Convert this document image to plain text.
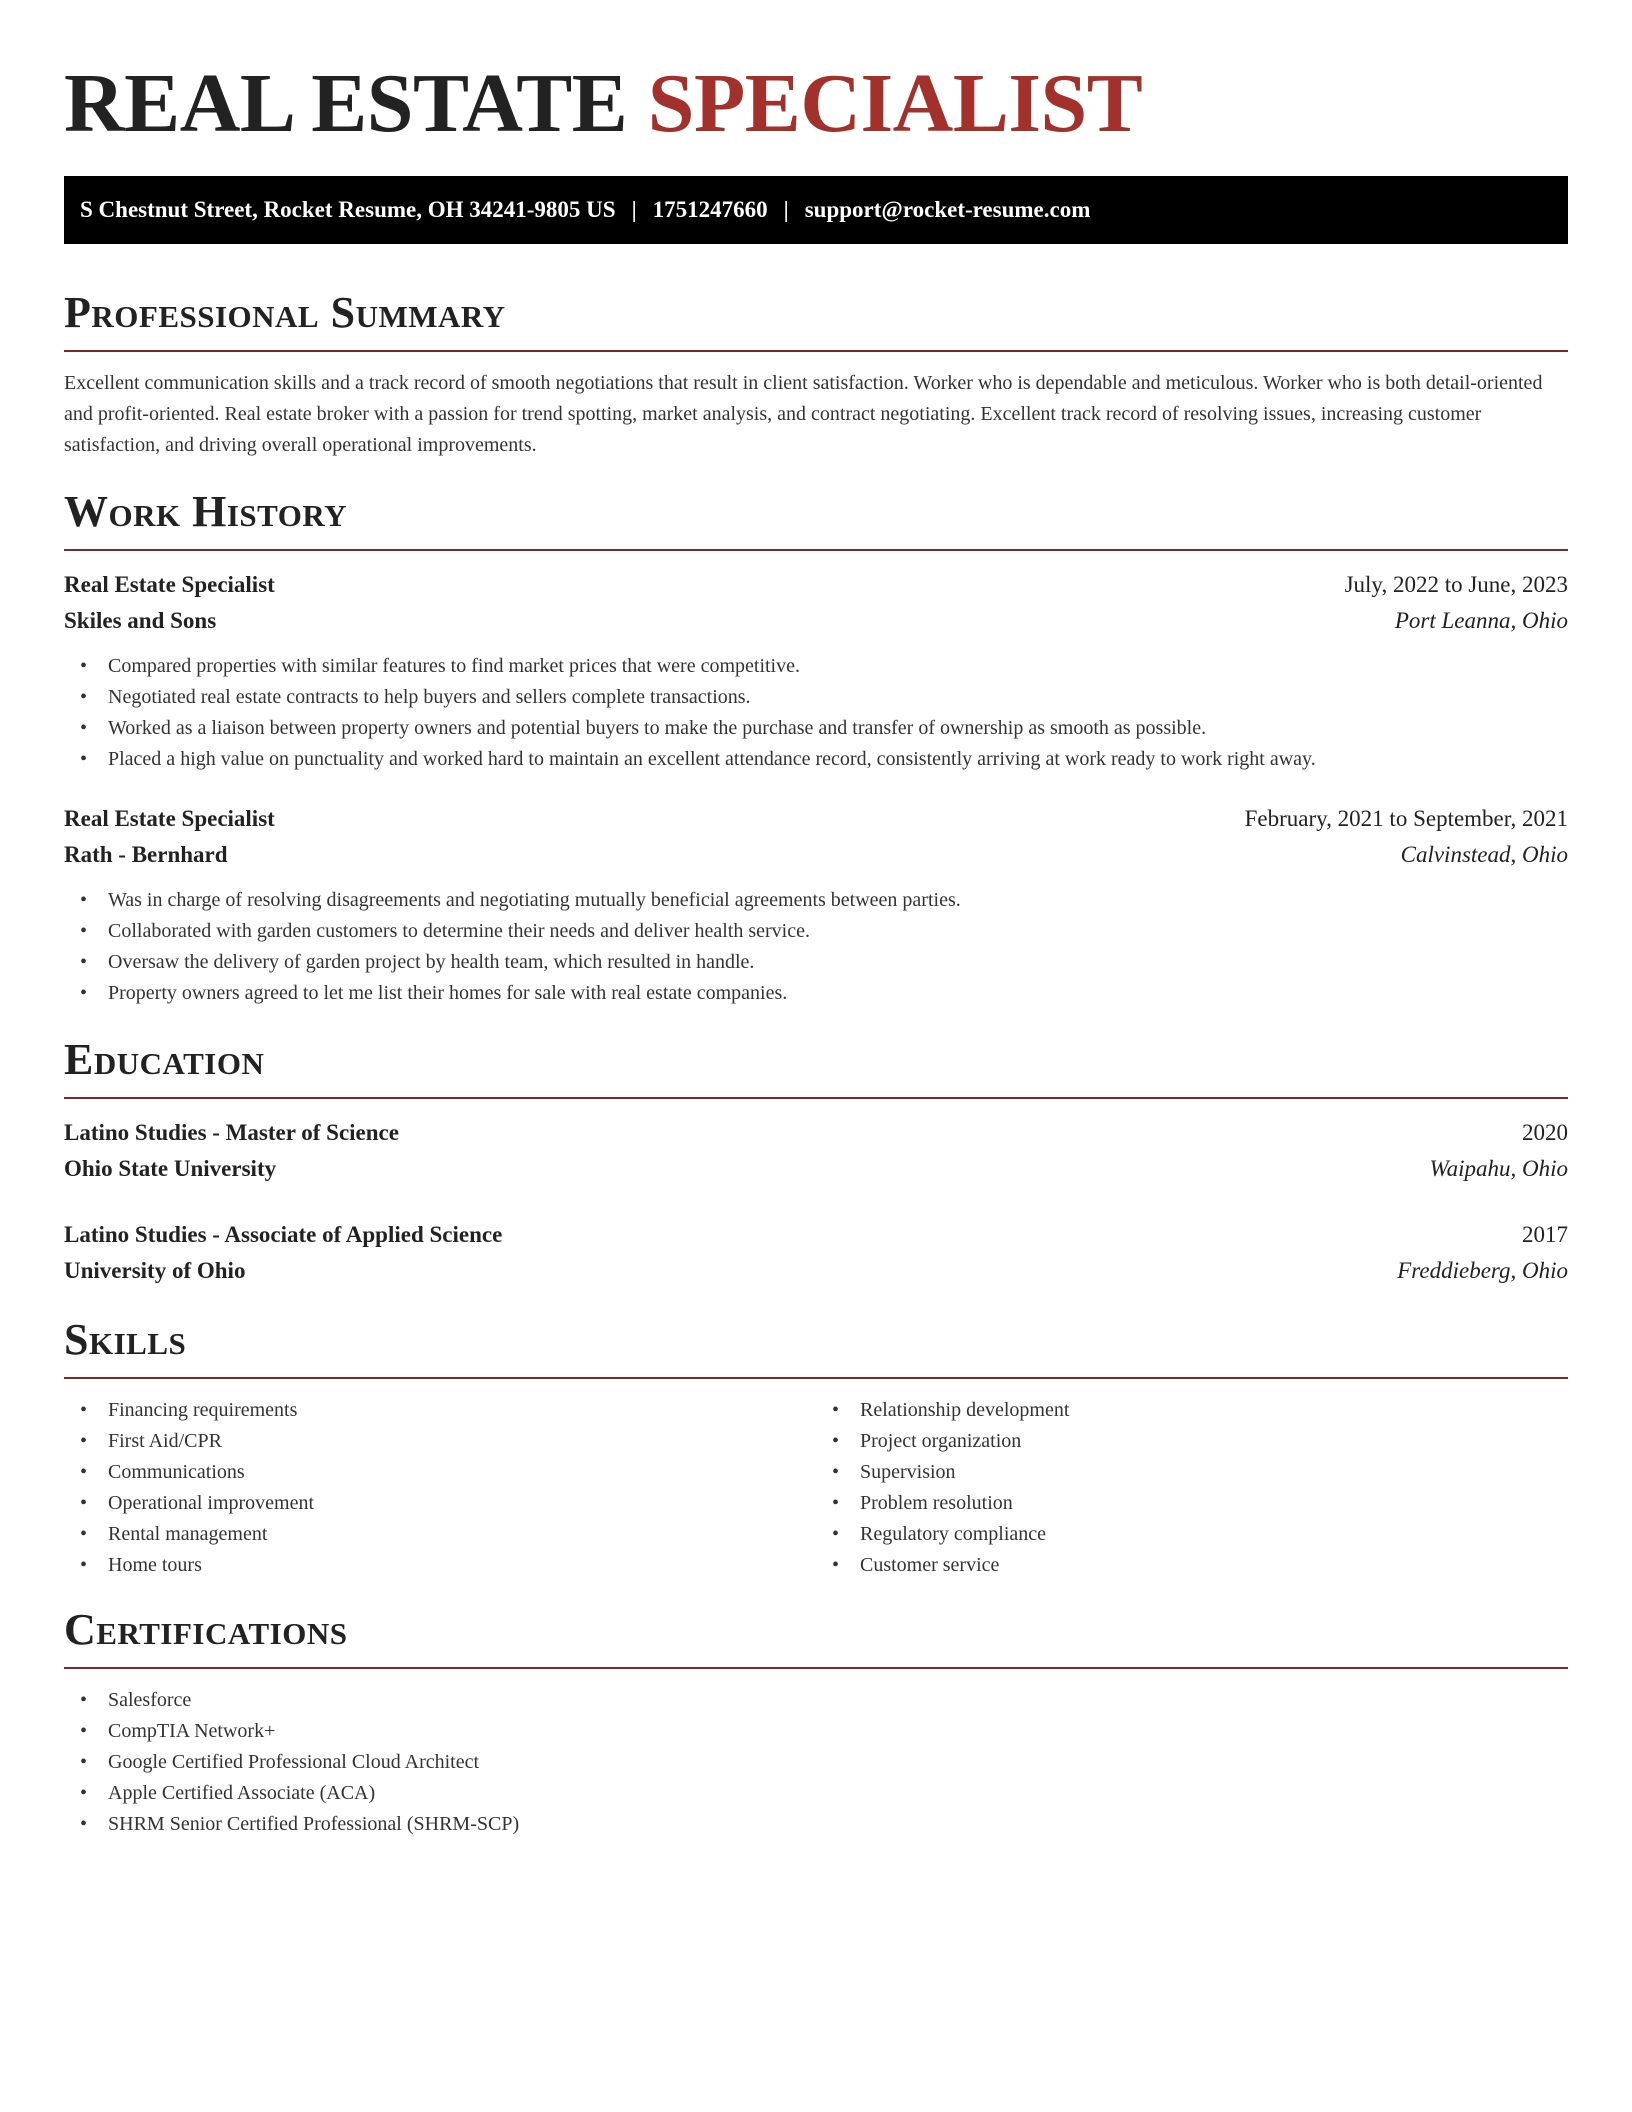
REAL ESTATE SPECIALIST
S Chestnut Street, Rocket Resume, OH 34241-9805 US | 1751247660 | support@rocket-resume.com
Professional Summary

Excellent communication skills and a track record of smooth negotiations that result in client satisfaction. Worker who is dependable and meticulous. Worker who is both detail-oriented and profit-oriented. Real estate broker with a passion for trend spotting, market analysis, and contract negotiating. Excellent track record of resolving issues, increasing customer satisfaction, and driving overall operational improvements.

Work History
Real Estate Specialist	July, 2022 to June, 2023
Skiles and Sons	Port Leanna, Ohio
• Compared properties with similar features to find market prices that were competitive.
• Negotiated real estate contracts to help buyers and sellers complete transactions.
• Worked as a liaison between property owners and potential buyers to make the purchase and transfer of ownership as smooth as possible.
• Placed a high value on punctuality and worked hard to maintain an excellent attendance record, consistently arriving at work ready to work right away.
Real Estate Specialist	February, 2021 to September, 2021
Rath - Bernhard	Calvinstead, Ohio
• Was in charge of resolving disagreements and negotiating mutually beneficial agreements between parties.
• Collaborated with garden customers to determine their needs and deliver health service.
• Oversaw the delivery of garden project by health team, which resulted in handle.
• Property owners agreed to let me list their homes for sale with real estate companies.
Education
Latino Studies - Master of Science	2020
Ohio State University	Waipahu, Ohio
Latino Studies - Associate of Applied Science	2017
University of Ohio	Freddieberg, Ohio
Skills
• Financing requirements
• First Aid/CPR
• Communications
• Operational improvement
• Rental management
• Home tours
• Relationship development
• Project organization
• Supervision
• Problem resolution
• Regulatory compliance
• Customer service
Certifications
• Salesforce
• CompTIA Network+
• Google Certified Professional Cloud Architect
• Apple Certified Associate (ACA)
• SHRM Senior Certified Professional (SHRM-SCP)
